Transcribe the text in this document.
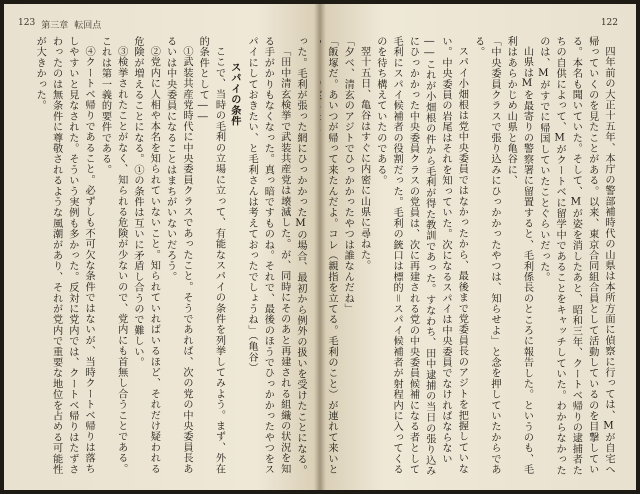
123 第三章 転回点

った。毛利が張った網にひっかかったMの場合、最初から例外の扱いを受けたことになる。

「田中清玄検挙で武装共産党は壊滅した。が、同時にそのあと再建される組織の状況を知る手がかりもなくなった。真っ暗ですものね。それで、最後のほうでひっかかったやつをスパイにしておきたい、と毛利さんは考えておったでしょうね」（亀谷）

スパイの条件

ここで、当時の毛利の立場に立って、有能なスパイの条件を列挙してみよう。まず、外在的条件として――

①武装共産党時代に中央委員クラスであったこと。そうであれば、次の党の中央委員長あるいは中央委員になることはまちがいないだろう。

②党内に人相や本名を知られていないこと。知られていればいるほど、それだけ疑われる危険が増えることになる。①の条件は互いに矛盾し合うので難しい。

③検挙されたことがなく、知られる危険が少ないので、党内にも首無し合うことである。これは第一義的要件である。

④クートベ帰りであること。必ずしも不可欠な条件ではないが、当時クートベ帰りは落ちしやすいと見なされた。そういう実例も多かった。反対に党内では、クートベ帰りはたずさわったのは無条件に尊敬されるような風潮があり、それが党内で重要な地位を占める可能性が大きかった。

122

四年前の大正十五年、本庁の警部補時代の山県は本所方面に偵察に行っては、Mが自宅へ帰っていくのを見たことがある。以来、東京合同組合員として活動しているのを目撃している。本名も聞いていた。そして、Mが姿を消したあと、昭和三年、クートベ帰りの逮捕者たちの自供によって、Mがクートベに留学中であることをキャッチしていた。わからなかったのは、Mがすでに帰国していたことぐらいだった。

山県はMを最寄りの警察署に留置すると、毛利係長のところに報告した。というのも、毛利はあらかじめ山県と亀谷に、

「中央委員クラスで張り込みにひっかかったやつは、知らせよ」と念を押していたからである。

スパイ小畑根は党中央委員ではなかったから、最後まで党委員長のアジトを把握していない。中央委員の岩尾はそれを知っていた。次になるスパイは中央委員でなければならない――これが小畑根の件から毛利が得た教訓であった。すなわち、田中逮捕の当日の張り込みにひっかかった中央委員クラスの党員は、次に再建される党の中央委員候補になる者として毛利にスパイ候補者の役割だった。毛利の銃口は標的＝スパイ候補者が射程内に入ってくるのを待ち構えていたのである。

翌十五日、亀谷はすぐに内密に山県に尋ねた。

「夕べ、清玄のアジトでひっかかったやつは誰なんだね」

「飯塚だ。あいつが帰って来たんだよ。コレ（親指を立てる。毛利のこと）が連れて来いと
